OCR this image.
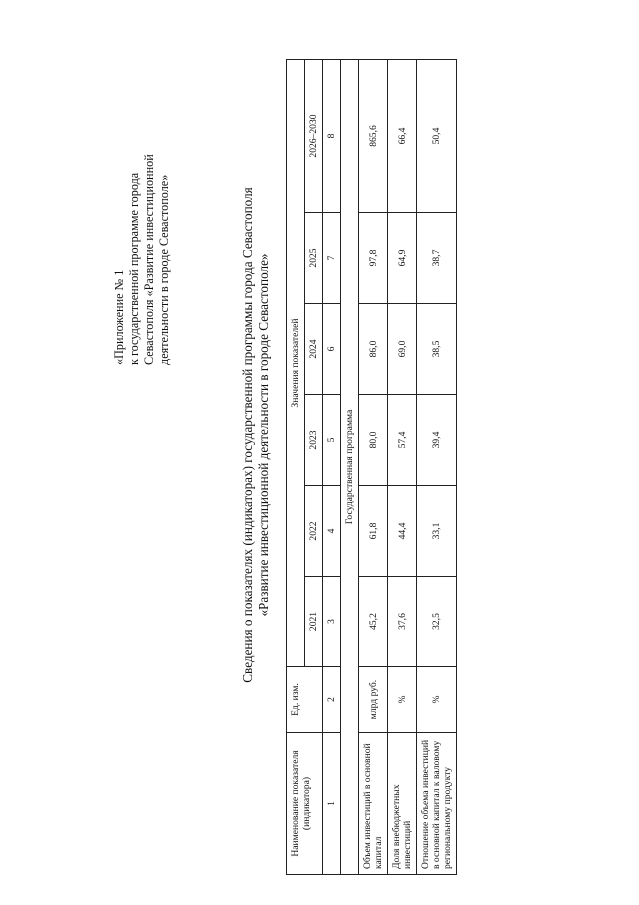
«Приложение № 1 к государственной программе города Севастополя «Развитие инвестиционной деятельности в городе Севастополе»	Сведения о показателях (индикаторах) государственной программы города Севастополя «Развитие инвестиционной деятельности в городе Севастополе»
Наименование показателя (индикатора)	Ед. изм.	Значения показателей					
		2021	2022	2023	2024	2025	2026–2030
1	2	3	4	5	6	7	8
Государственная программа							
Объем инвестиций в основной капитал	млрд руб.	45,2	61,8	80,0	86,0	97,8	865,6
Доля внебюджетных инвестиций	%	37,6	44,4	57,4	69,0	64,9	66,4
Отношение объема инвестиций в основной капитал к валовому региональному продукту	%	32,5	33,1	39,4	38,5	38,7	50,4
